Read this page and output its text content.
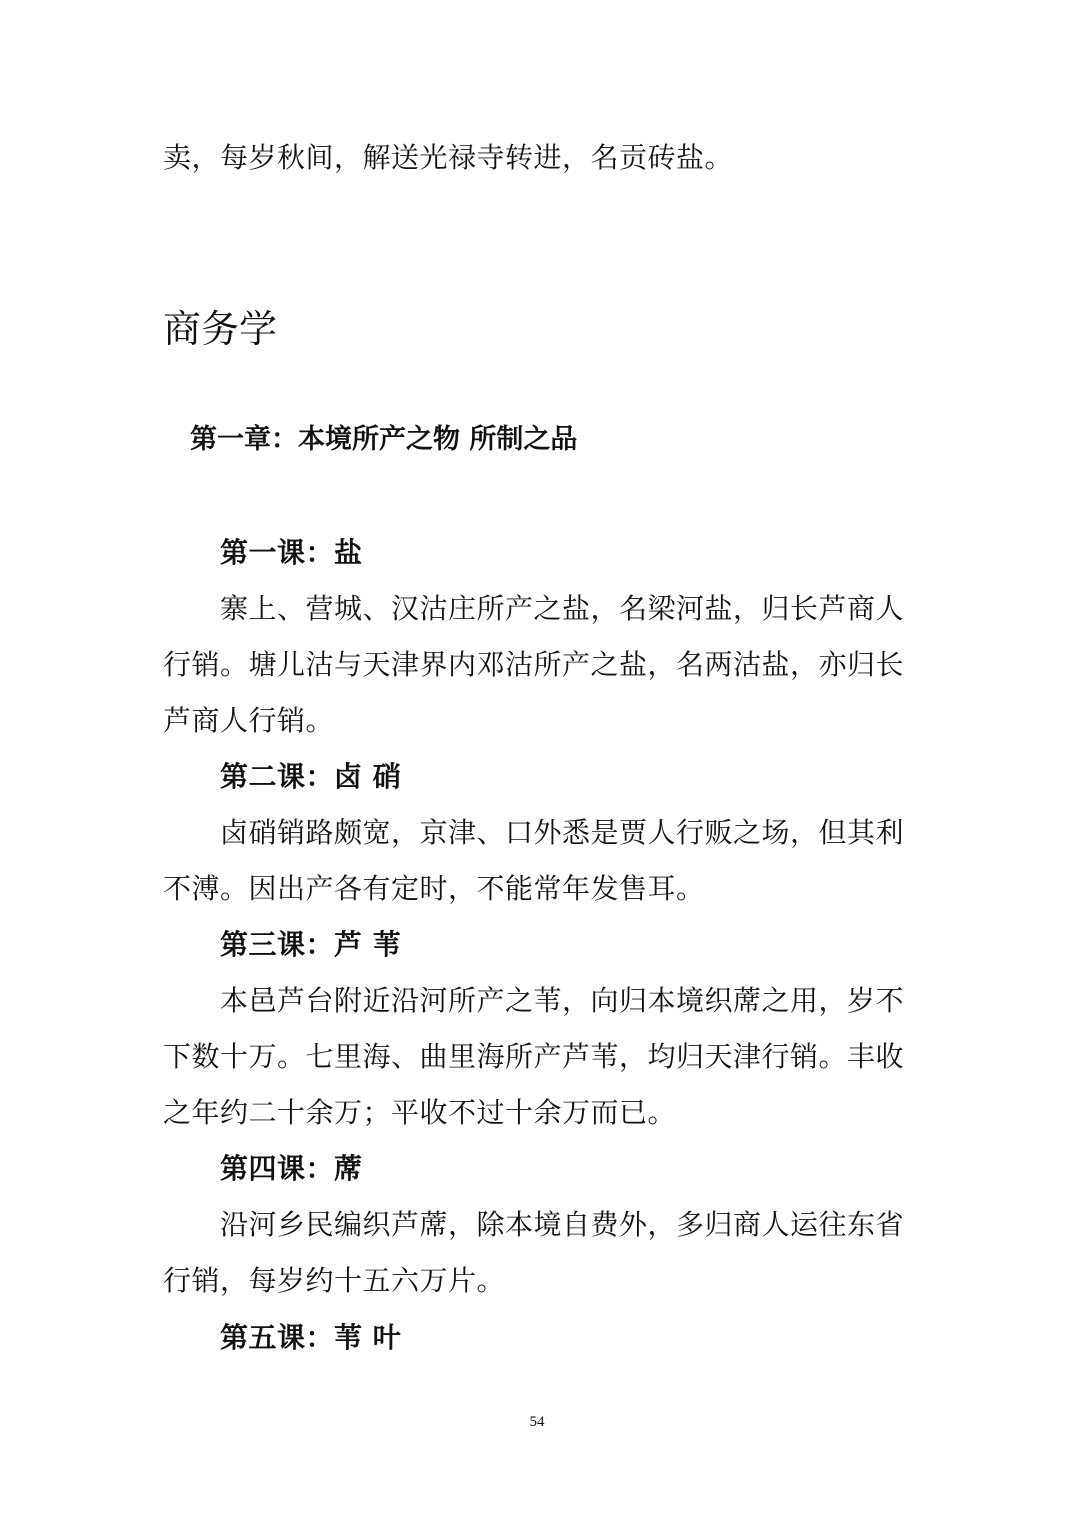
卖，每岁秋间，解送光禄寺转进，名贡砖盐。
商务学
第一章：本境所产之物 所制之品
第一课：盐
寨上、营城、汉沽庄所产之盐，名梁河盐，归长芦商人
行销。塘儿沽与天津界内邓沽所产之盐，名两沽盐，亦归长
芦商人行销。
第二课：卤 硝
卤硝销路颇宽，京津、口外悉是贾人行贩之场，但其利
不溥。因出产各有定时，不能常年发售耳。
第三课：芦 苇
本邑芦台附近沿河所产之苇，向归本境织蓆之用，岁不
下数十万。七里海、曲里海所产芦苇，均归天津行销。丰收
之年约二十余万；平收不过十余万而已。
第四课：蓆
沿河乡民编织芦蓆，除本境自费外，多归商人运往东省
行销，每岁约十五六万片。
第五课：苇 叶
54
